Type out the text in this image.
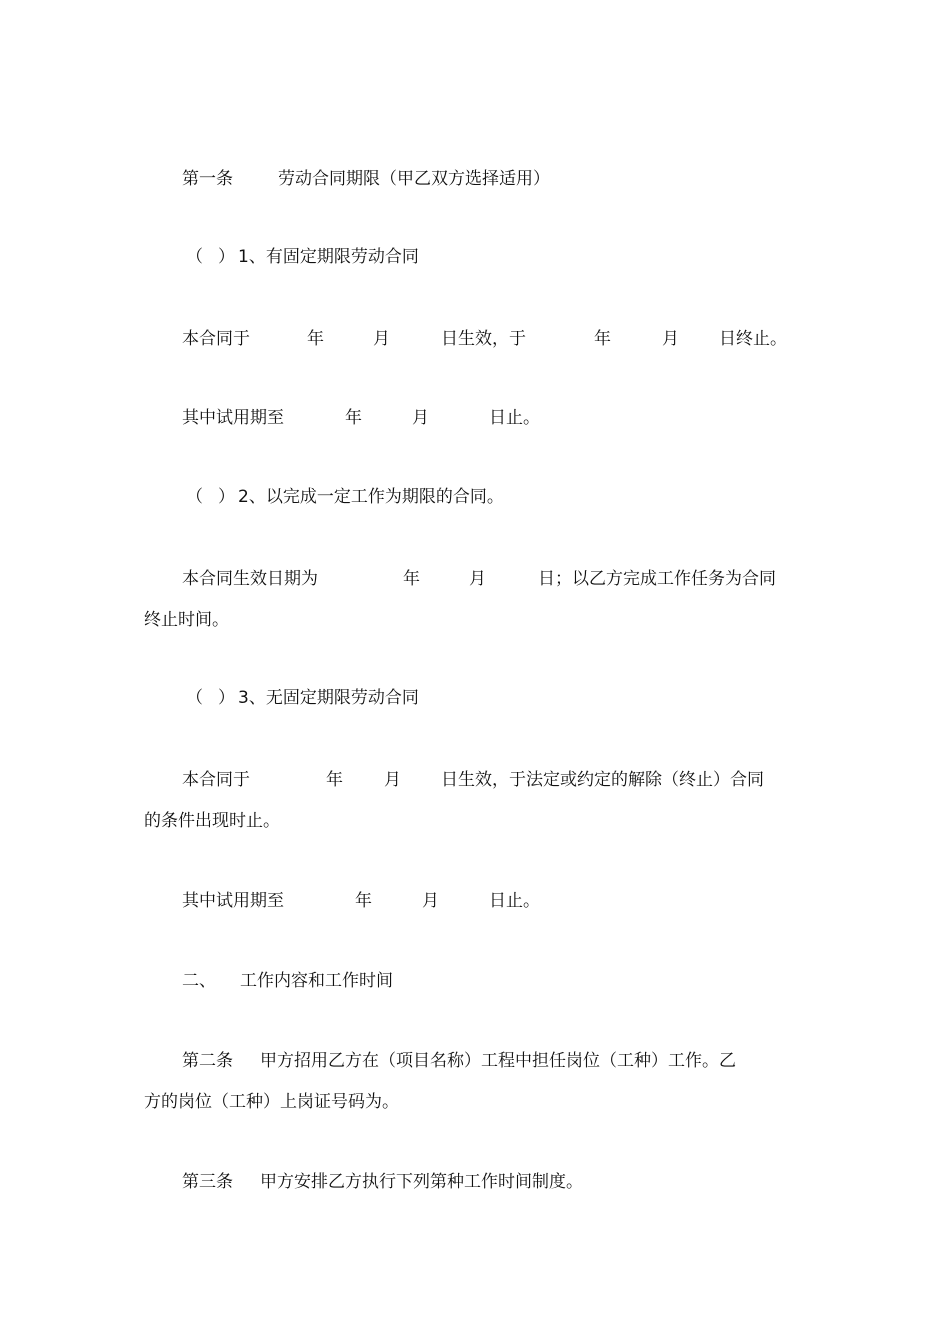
第一条	劳动合同期限（甲乙双方选择适用）
（ ） 1、有固定期限劳动合同
本合同于	年	月	日生效，于	年	月 日终止。
其中试用期至	年	月	日止。
（ ） 2、以完成一定工作为期限的合同。
本合同生效日期为	年	月	日；以乙方完成工作任务为合同
终止时间。
（ ） 3、无固定期限劳动合同
本合同于	年 月 日生效，于法定或约定的解除（终止）合同
的条件出现时止。
其中试用期至	年	月	日止。
二、 工作内容和工作时间
第二条 甲方招用乙方在（项目名称）工程中担任岗位（工种）工作。乙
方的岗位（工种）上岗证号码为。
第三条 甲方安排乙方执行下列第种工作时间制度。
